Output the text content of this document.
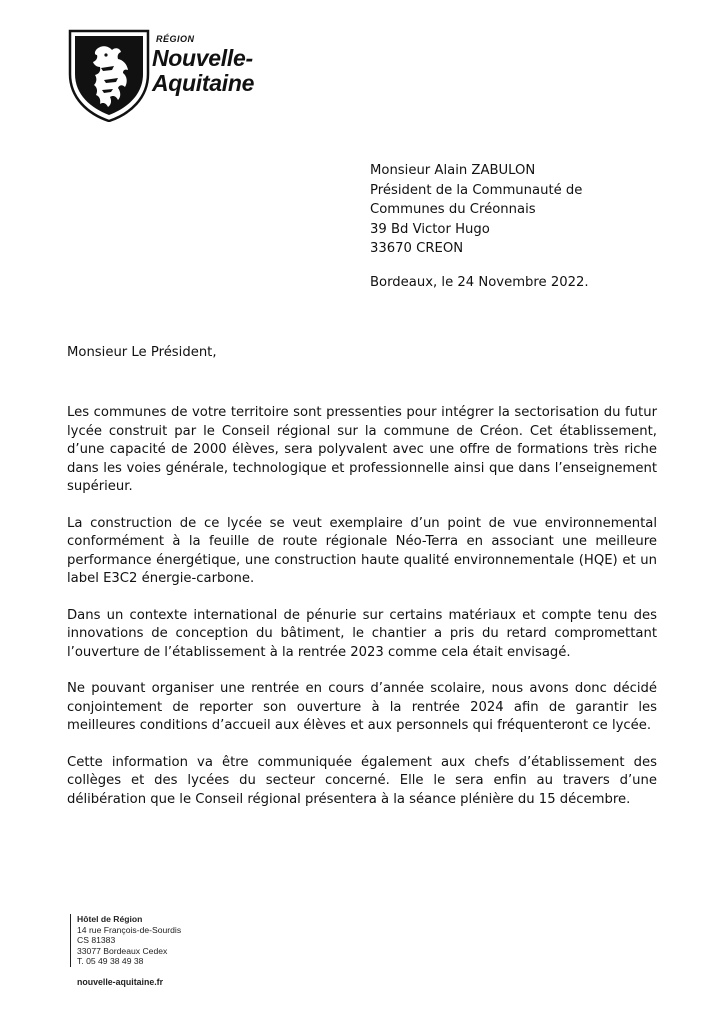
RÉGION
Nouvelle-
Aquitaine
Monsieur Alain ZABULON
Président de la Communauté de
Communes du Créonnais
39 Bd Victor Hugo
33670 CREON
Bordeaux, le 24 Novembre 2022.
Monsieur Le Président,

Les communes de votre territoire sont pressenties pour intégrer la sectorisation du futur lycée construit par le Conseil régional sur la commune de Créon. Cet établissement, d’une capacité de 2000 élèves, sera polyvalent avec une offre de formations très riche dans les voies générale, technologique et professionnelle ainsi que dans l’enseignement supérieur.

La construction de ce lycée se veut exemplaire d’un point de vue environnemental conformément à la feuille de route régionale Néo-Terra en associant une meilleure performance énergétique, une construction haute qualité environnementale (HQE) et un label E3C2 énergie-carbone.

Dans un contexte international de pénurie sur certains matériaux et compte tenu des innovations de conception du bâtiment, le chantier a pris du retard compromettant l’ouverture de l’établissement à la rentrée 2023 comme cela était envisagé.

Ne pouvant organiser une rentrée en cours d’année scolaire, nous avons donc décidé conjointement de reporter son ouverture à la rentrée 2024 afin de garantir les meilleures conditions d’accueil aux élèves et aux personnels qui fréquenteront ce lycée.

Cette information va être communiquée également aux chefs d’établissement des collèges et des lycées du secteur concerné. Elle le sera enfin au travers d’une délibération que le Conseil régional présentera à la séance plénière du 15 décembre.

Hôtel de Région
14 rue François-de-Sourdis
CS 81383
33077 Bordeaux Cedex
T. 05 49 38 49 38
nouvelle-aquitaine.fr
